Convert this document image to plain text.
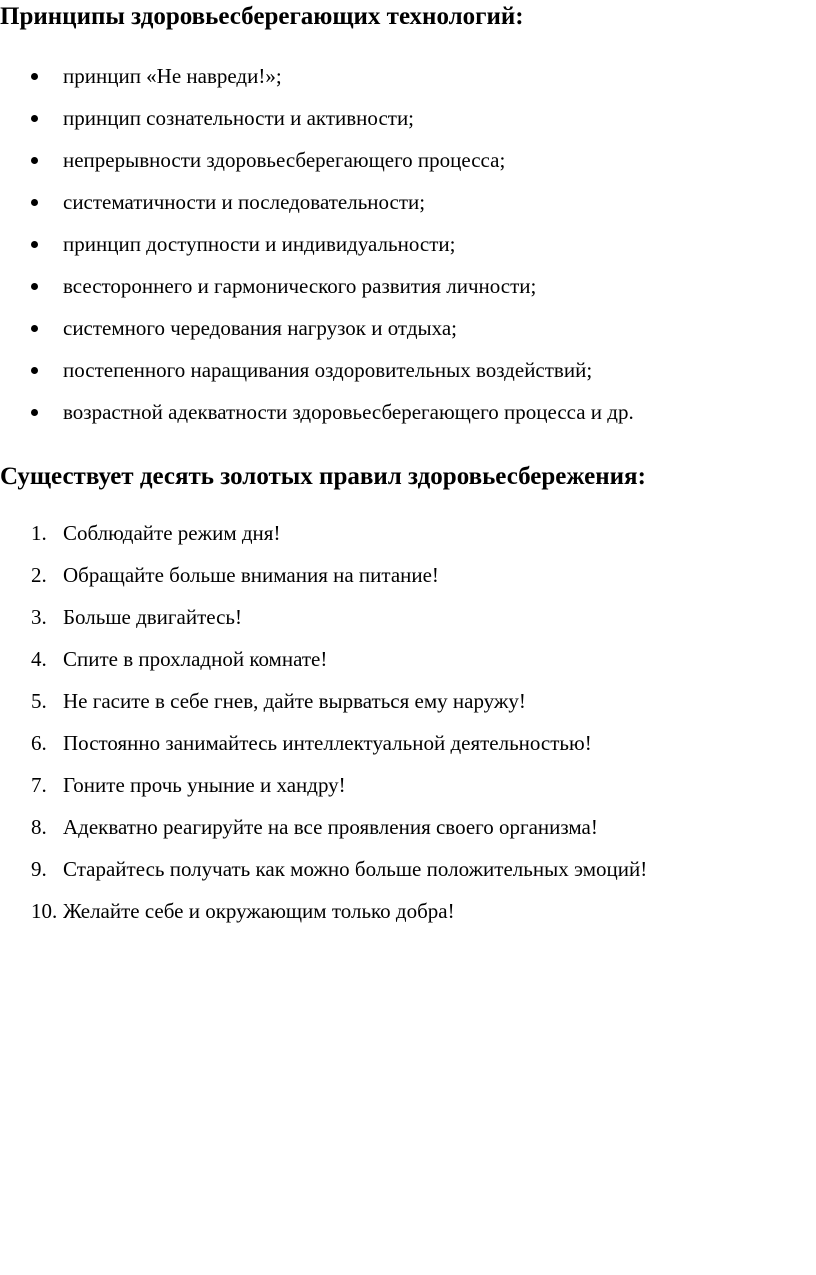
Принципы здоровьесберегающих технологий:
принцип «Не навреди!»;
принцип сознательности и активности;
непрерывности здоровьесберегающего процесса;
систематичности и последовательности;
принцип доступности и индивидуальности;
всестороннего и гармонического развития личности;
системного чередования нагрузок и отдыха;
постепенного наращивания оздоровительных воздействий;
возрастной адекватности здоровьесберегающего процесса и др.
Существует десять золотых правил здоровьесбережения:
1. Соблюдайте режим дня!
2. Обращайте больше внимания на питание!
3. Больше двигайтесь!
4. Спите в прохладной комнате!
5. Не гасите в себе гнев, дайте вырваться ему наружу!
6. Постоянно занимайтесь интеллектуальной деятельностью!
7. Гоните прочь уныние и хандру!
8. Адекватно реагируйте на все проявления своего организма!
9. Старайтесь получать как можно больше положительных эмоций!
10. Желайте себе и окружающим только добра!
